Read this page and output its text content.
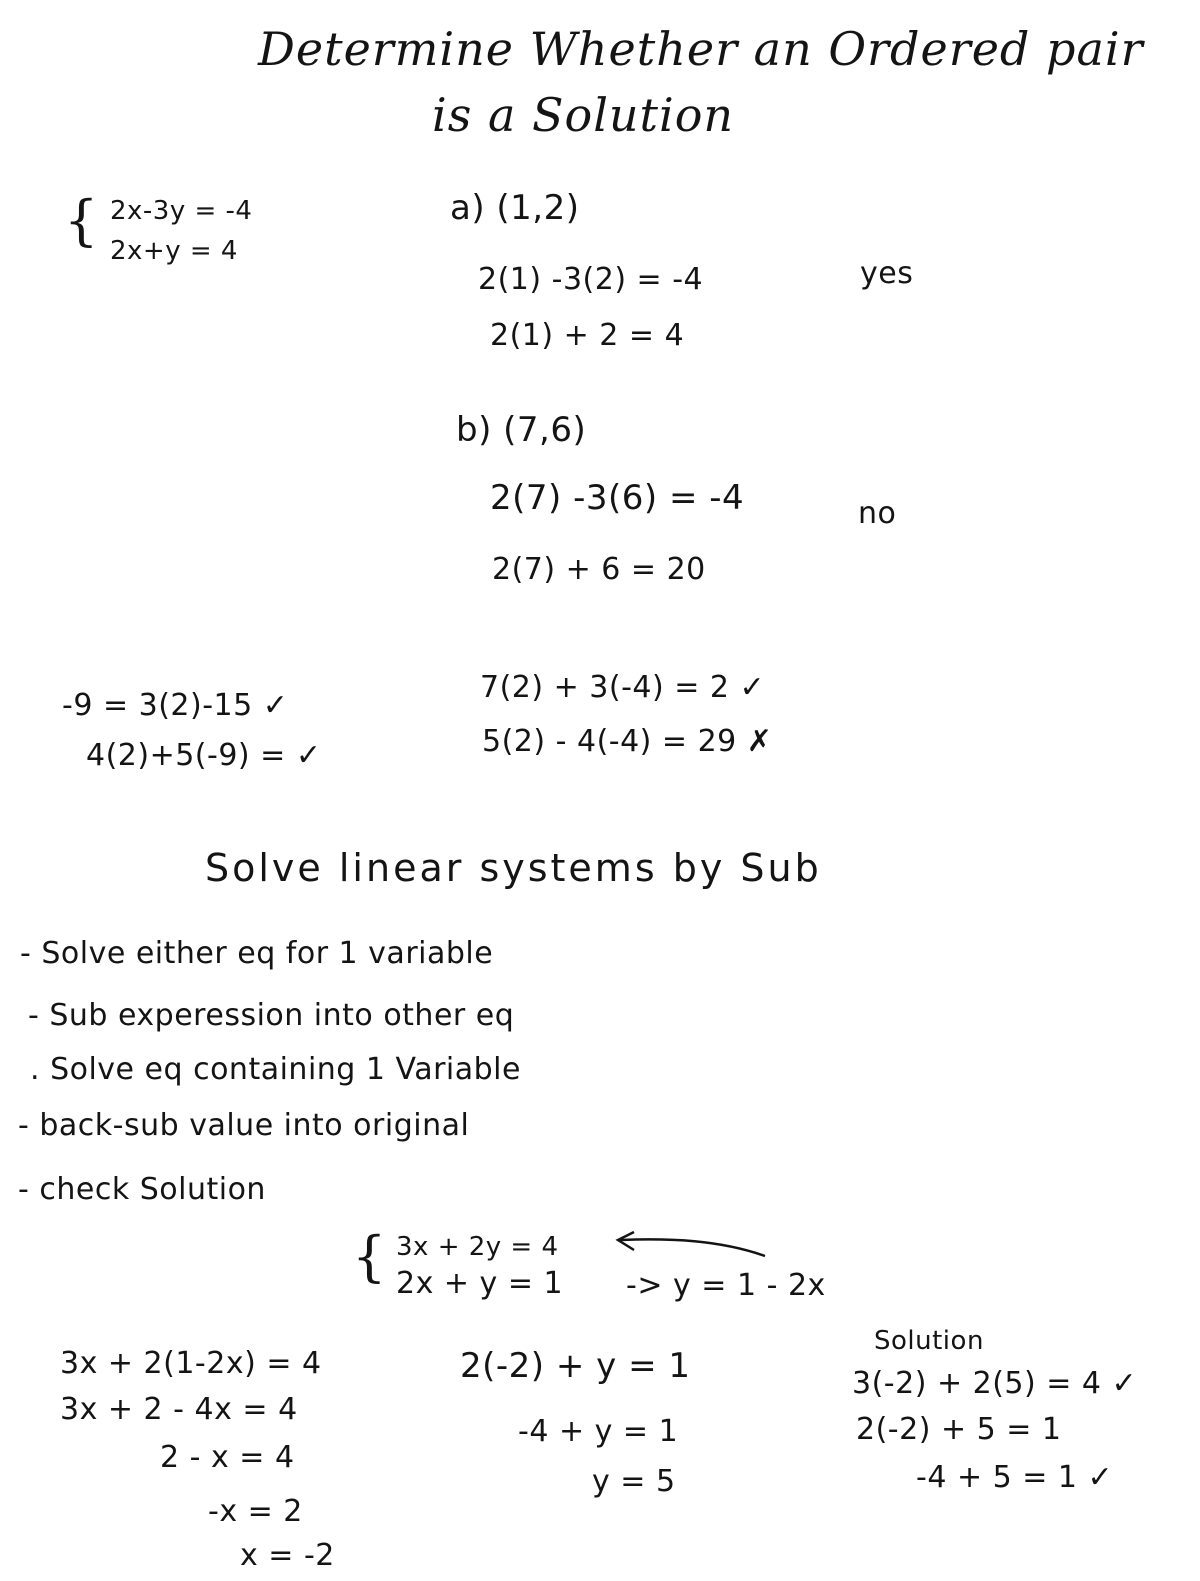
Determine Whether an Ordered pair
is a Solution
{ 2x-3y = -4
2x+y = 4
a) (1,2)
2(1) -3(2) = -4
2(1) + 2 = 4
yes
b) (7,6)
2(7) -3(6) = -4
2(7) + 6 = 20
no
-9 = 3(2)-15 ✓
4(2)+5(-9) = ✓
7(2) + 3(-4) = 2 ✓
5(2) - 4(-4) = 29 ✗
Solve linear systems by Sub
- Solve either eq for 1 variable
- Sub experession into other eq
. Solve eq containing 1 Variable
- back-sub value into original
- check Solution
{ 3x + 2y = 4
2x + y = 1 -> y = 1 - 2x
3x + 2(1-2x) = 4
3x + 2 - 4x = 4
2 - x = 4
-x = 2
x = -2
2(-2) + y = 1
-4 + y = 1
y = 5
Solution
3(-2) + 2(5) = 4 ✓
2(-2) + 5 = 1
-4 + 5 = 1 ✓
